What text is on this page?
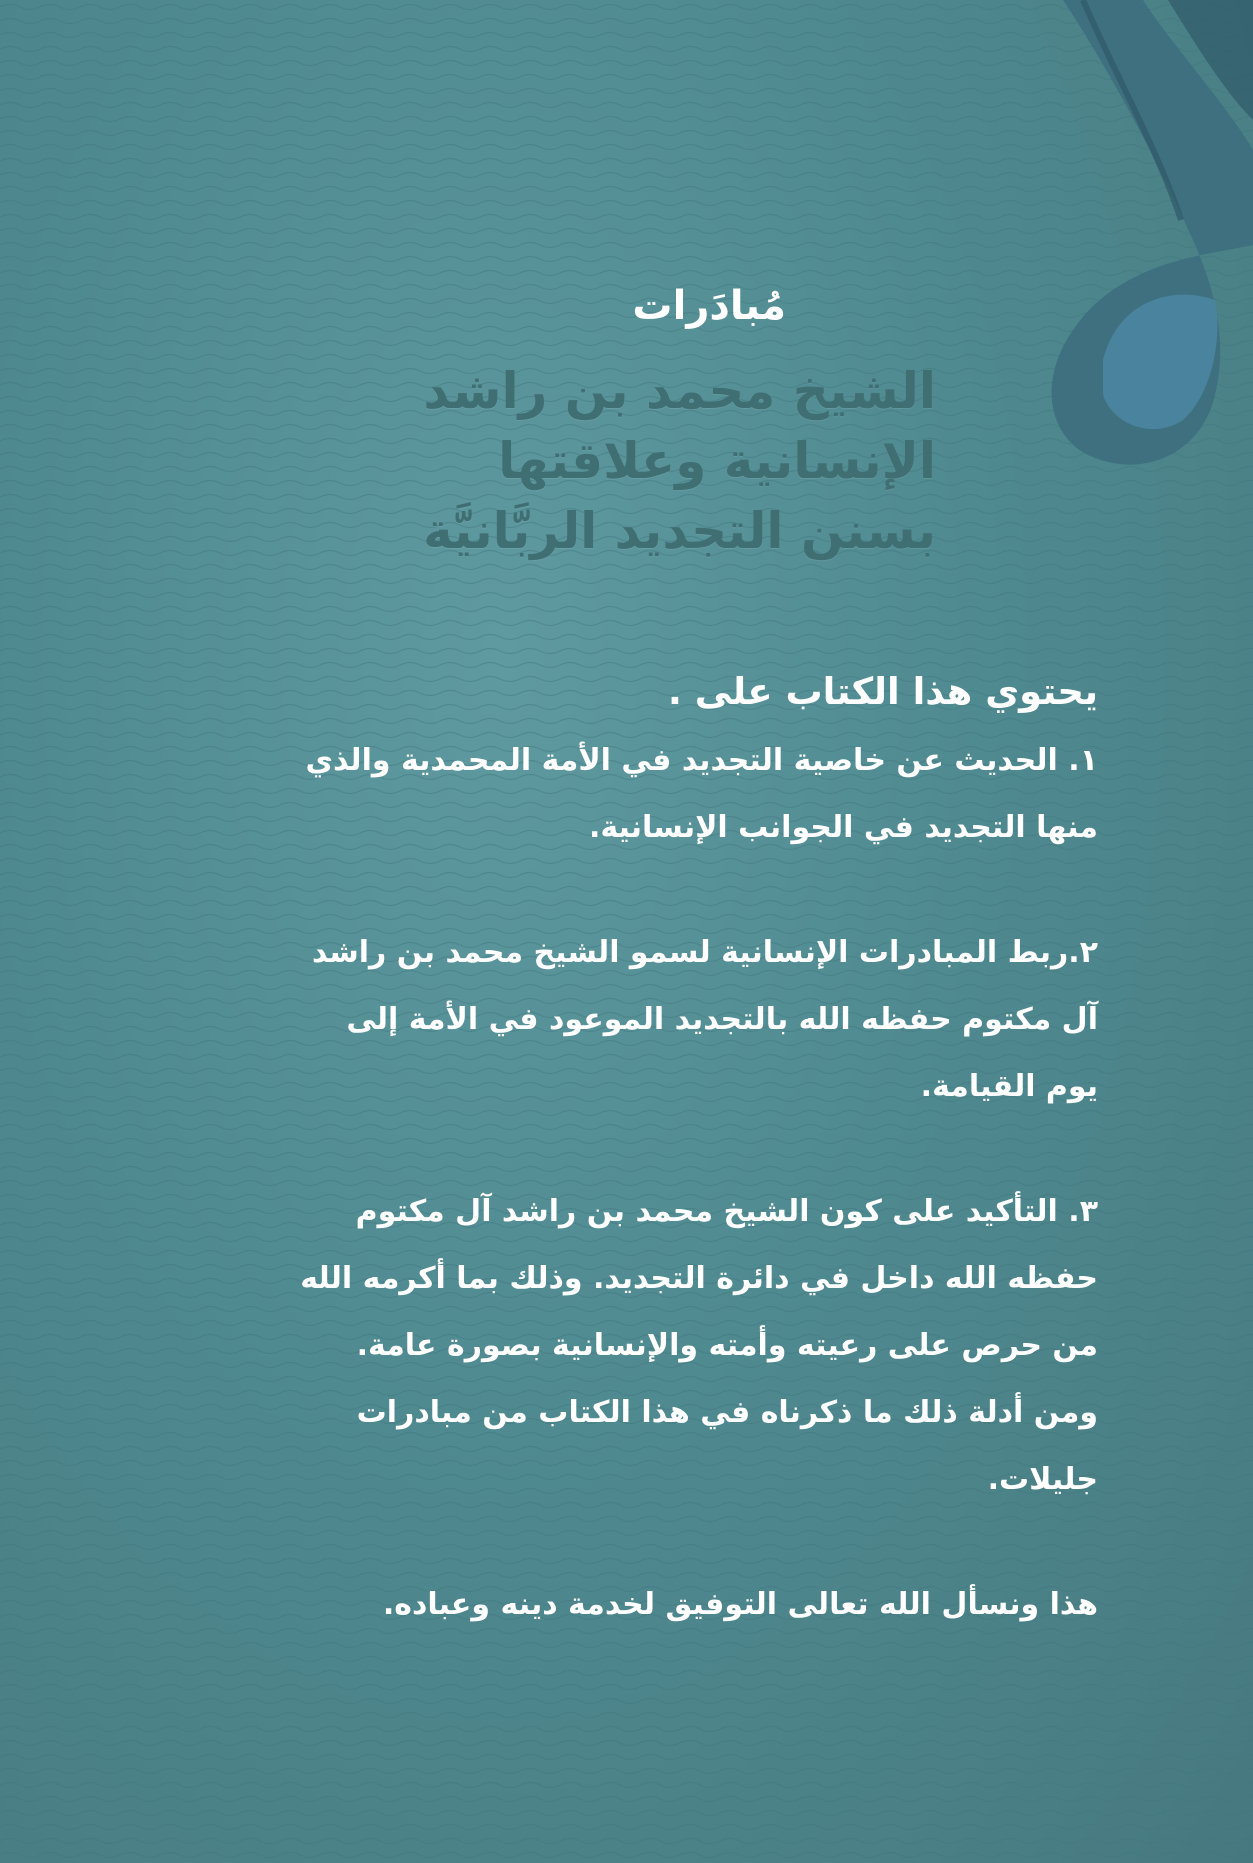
مُبادَرات
الشيخ محمد بن راشد
الإنسانية وعلاقتها
بسنن التجديد الربَّانيَّة

يحتوي هذا الكتاب على .

١. الحديث عن خاصية التجديد في الأمة المحمدية والذي منها التجديد في الجوانب الإنسانية.

٢.ربط المبادرات الإنسانية لسمو الشيخ محمد بن راشد آل مكتوم حفظه الله بالتجديد الموعود في الأمة إلى يوم القيامة.

٣. التأكيد على كون الشيخ محمد بن راشد آل مكتوم حفظه الله داخل في دائرة التجديد. وذلك بما أكرمه الله من حرص على رعيته وأمته والإنسانية بصورة عامة. ومن أدلة ذلك ما ذكرناه في هذا الكتاب من مبادرات جليلات.

هذا ونسأل الله تعالى التوفيق لخدمة دينه وعباده.
